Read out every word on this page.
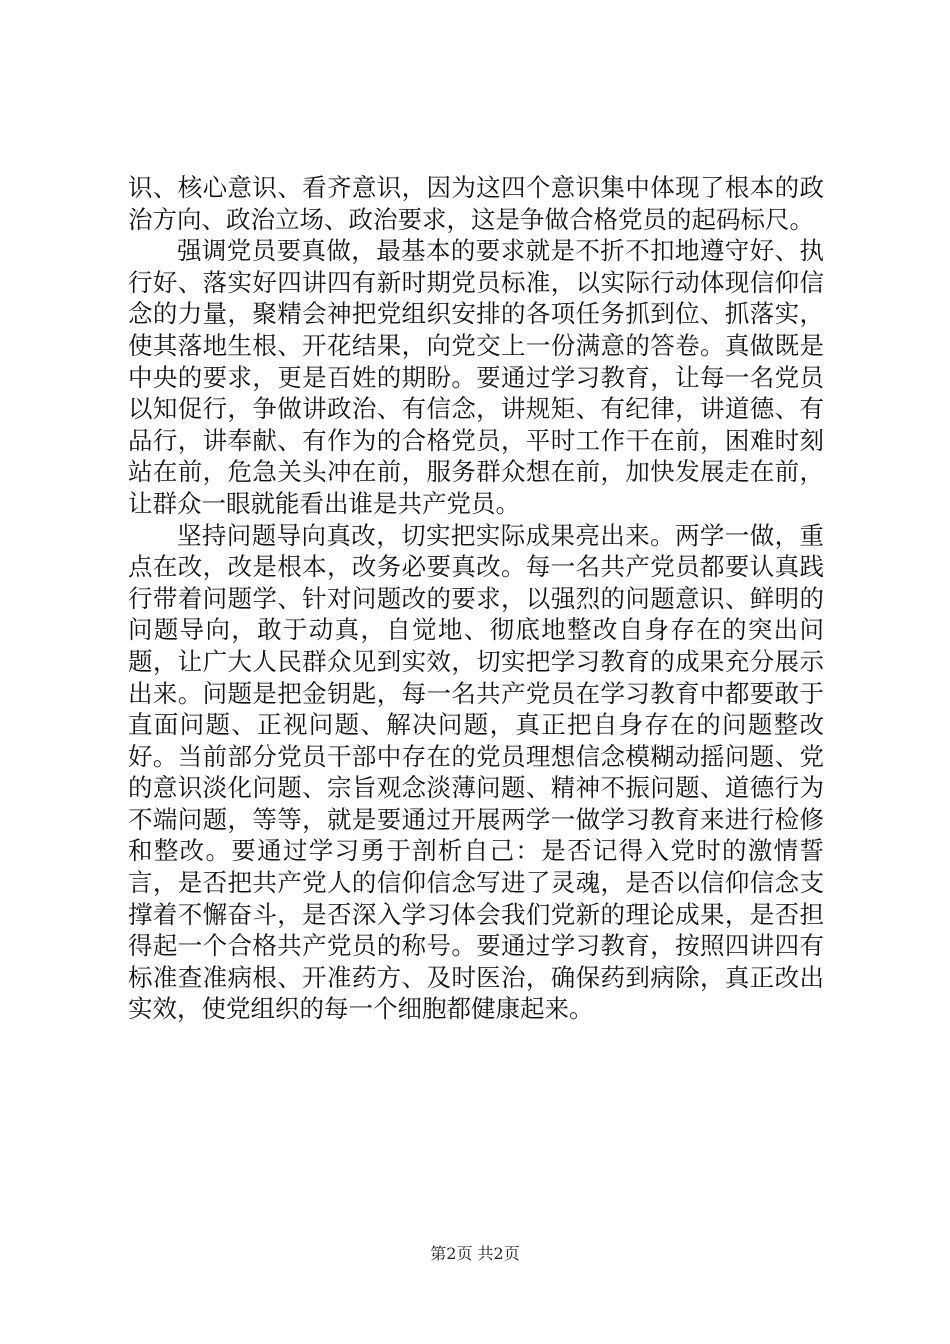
识、核心意识、看齐意识，因为这四个意识集中体现了根本的政治方向、政治立场、政治要求，这是争做合格党员的起码标尺。

强调党员要真做，最基本的要求就是不折不扣地遵守好、执行好、落实好四讲四有新时期党员标准，以实际行动体现信仰信念的力量，聚精会神把党组织安排的各项任务抓到位、抓落实，使其落地生根、开花结果，向党交上一份满意的答卷。真做既是中央的要求，更是百姓的期盼。要通过学习教育，让每一名党员以知促行，争做讲政治、有信念，讲规矩、有纪律，讲道德、有品行，讲奉献、有作为的合格党员，平时工作干在前，困难时刻站在前，危急关头冲在前，服务群众想在前，加快发展走在前，让群众一眼就能看出谁是共产党员。

坚持问题导向真改，切实把实际成果亮出来。两学一做，重点在改，改是根本，改务必要真改。每一名共产党员都要认真践行带着问题学、针对问题改的要求，以强烈的问题意识、鲜明的问题导向，敢于动真，自觉地、彻底地整改自身存在的突出问题，让广大人民群众见到实效，切实把学习教育的成果充分展示出来。问题是把金钥匙，每一名共产党员在学习教育中都要敢于直面问题、正视问题、解决问题，真正把自身存在的问题整改好。当前部分党员干部中存在的党员理想信念模糊动摇问题、党的意识淡化问题、宗旨观念淡薄问题、精神不振问题、道德行为不端问题，等等，就是要通过开展两学一做学习教育来进行检修和整改。要通过学习勇于剖析自己：是否记得入党时的激情誓言，是否把共产党人的信仰信念写进了灵魂，是否以信仰信念支撑着不懈奋斗，是否深入学习体会我们党新的理论成果，是否担得起一个合格共产党员的称号。要通过学习教育，按照四讲四有标准查准病根、开准药方、及时医治，确保药到病除，真正改出实效，使党组织的每一个细胞都健康起来。

第2页 共2页
